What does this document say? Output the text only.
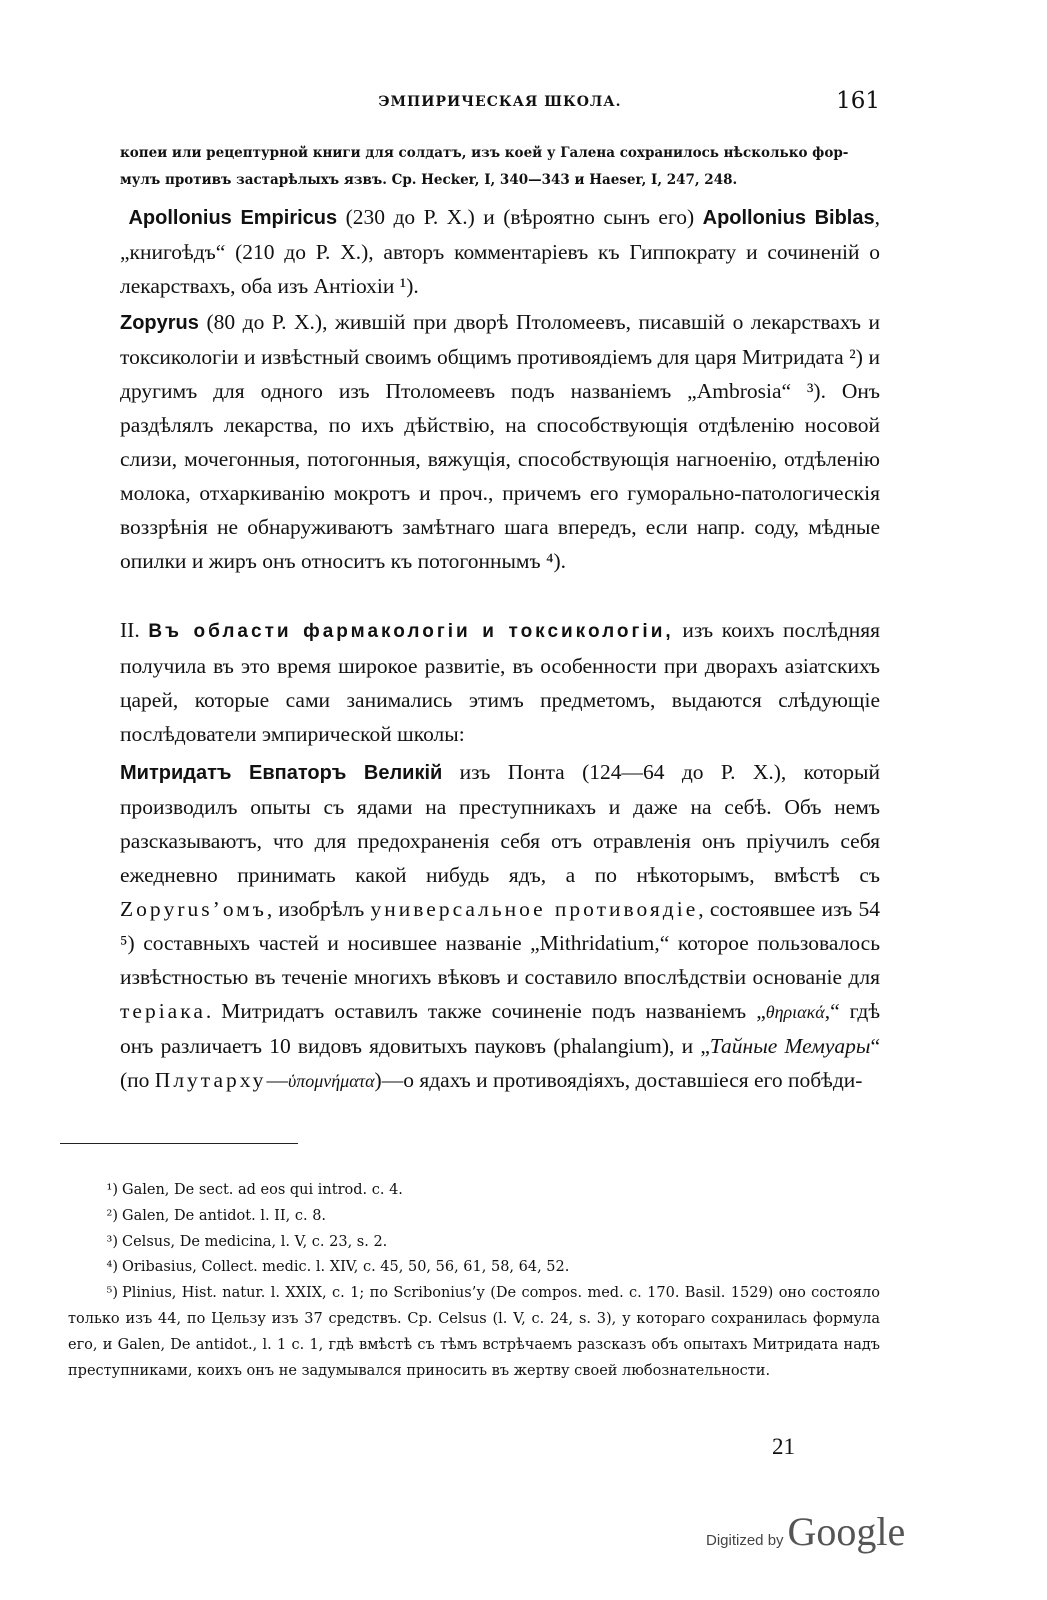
ЭМПИРИЧЕСКАЯ ШКОЛА.	161
копеи или рецептурной книги для солдатъ, изъ коей у Галена сохранилось нѣсколько фор-
мулъ противъ застарѣлыхъ язвъ. Ср. Hecker, I, 340—343 и Haeser, I, 247, 248.
Apollonius Empiricus (230 до Р. Х.) и (вѣроятно сынъ его) Apollonius Biblas, „книгоѣдъ“ (210 до Р. Х.), авторъ комментаріевъ къ Гиппократу и сочиненій о лекарствахъ, оба изъ Антіохіи ¹).
Zopyrus (80 до Р. Х.), жившій при дворѣ Птоломеевъ, писавшій о лекарствахъ и токсикологіи и извѣстный своимъ общимъ противоядіемъ для царя Митридата ²) и другимъ для одного изъ Птоломеевъ подъ названіемъ „Ambrosia“ ³). Онъ раздѣлялъ лекарства, по ихъ дѣйствію, на способствующія отдѣленію носовой слизи, мочегонныя, потогонныя, вяжущія, способствующія нагноенію, отдѣленію молока, отхаркиванію мокротъ и проч., причемъ его гуморально-патологическія воззрѣнія не обнаруживаютъ замѣтнаго шага впередъ, если напр. соду, мѣдные опилки и жиръ онъ относитъ къ потогоннымъ ⁴).
II. Въ области фармакологіи и токсикологіи, изъ коихъ послѣдняя получила въ это время широкое развитіе, въ особенности при дворахъ азіатскихъ царей, которые сами занимались этимъ предметомъ, выдаются слѣдующіе послѣдователи эмпирической школы:
Митридатъ Евпаторъ Великій изъ Понта (124—64 до Р. Х.), который производилъ опыты съ ядами на преступникахъ и даже на себѣ. Объ немъ разсказываютъ, что для предохраненія себя отъ отравленія онъ пріучилъ себя ежедневно принимать какой нибудь ядъ, а по нѣкоторымъ, вмѣстѣ съ Zopyrus’омъ, изобрѣлъ универсальное противоядіе, состоявшее изъ 54 ⁵) составныхъ частей и носившее названіе „Mithridatium,“ которое пользовалось извѣстностью въ теченіе многихъ вѣковъ и составило впослѣдствіи основаніе для теріака. Митридатъ оставилъ также сочиненіе подъ названіемъ „θηριακά,“ гдѣ онъ различаетъ 10 видовъ ядовитыхъ пауковъ (phalangium), и „Тайные Мемуары“ (по Плутарху—ὑπομνήματα)—о ядахъ и противоядіяхъ, доставшіеся его побѣди-

¹) Galen, De sect. ad eos qui introd. c. 4.

²) Galen, De antidot. l. II, c. 8.

³) Celsus, De medicina, l. V, c. 23, s. 2.

⁴) Oribasius, Collect. medic. l. XIV, c. 45, 50, 56, 61, 58, 64, 52.

⁵) Plinius, Hist. natur. l. XXIX, c. 1; по Scribonius’у (De compos. med. c. 170. Basil. 1529) оно состояло только изъ 44, по Цельзу изъ 37 средствъ. Ср. Celsus (l. V, c. 24, s. 3), у котораго сохранилась формула его, и Galen, De antidot., l. 1 c. 1, гдѣ вмѣстѣ съ тѣмъ встрѣчаемъ разсказъ объ опытахъ Митридата надъ преступниками, коихъ онъ не задумывался приносить въ жертву своей любознательности.

21
Digitized by Google
